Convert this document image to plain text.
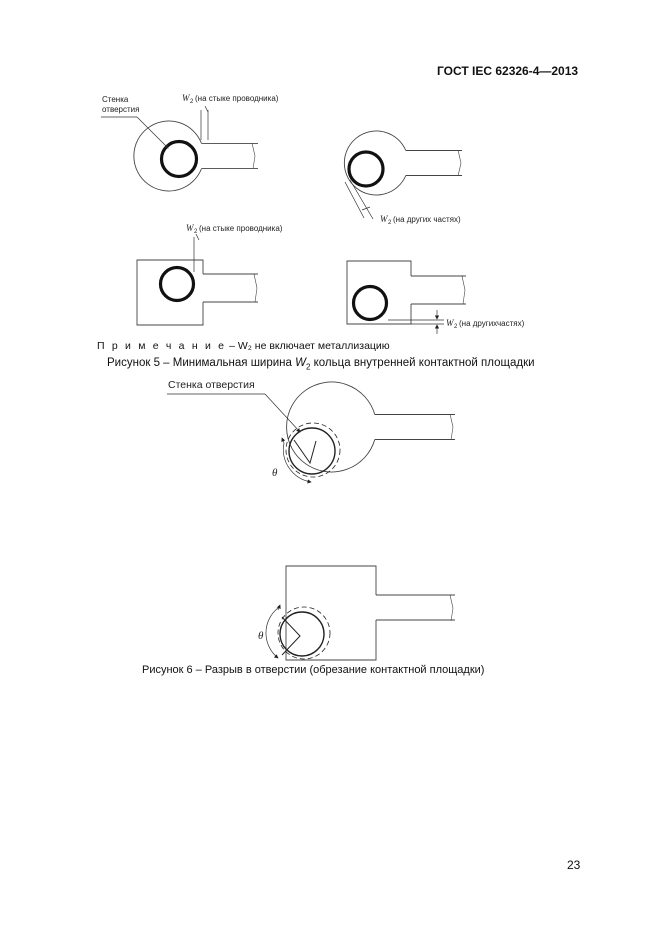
ГОСТ IEC 62326-4—2013
Стенка
отверстия
W 2 (на стыке проводника)
W 2 (на других частях)
W 2 (на стыке проводника)
W 2 (на другихчастях)
Стенка отверстия
θ
θ
П р и м е ч а н и е – W₂ не включает металлизацию
Рисунок 5 – Минимальная ширина $W_2$ кольца внутренней контактной площадки
Рисунок 6 – Разрыв в отверстии (обрезание контактной площадки)
23
